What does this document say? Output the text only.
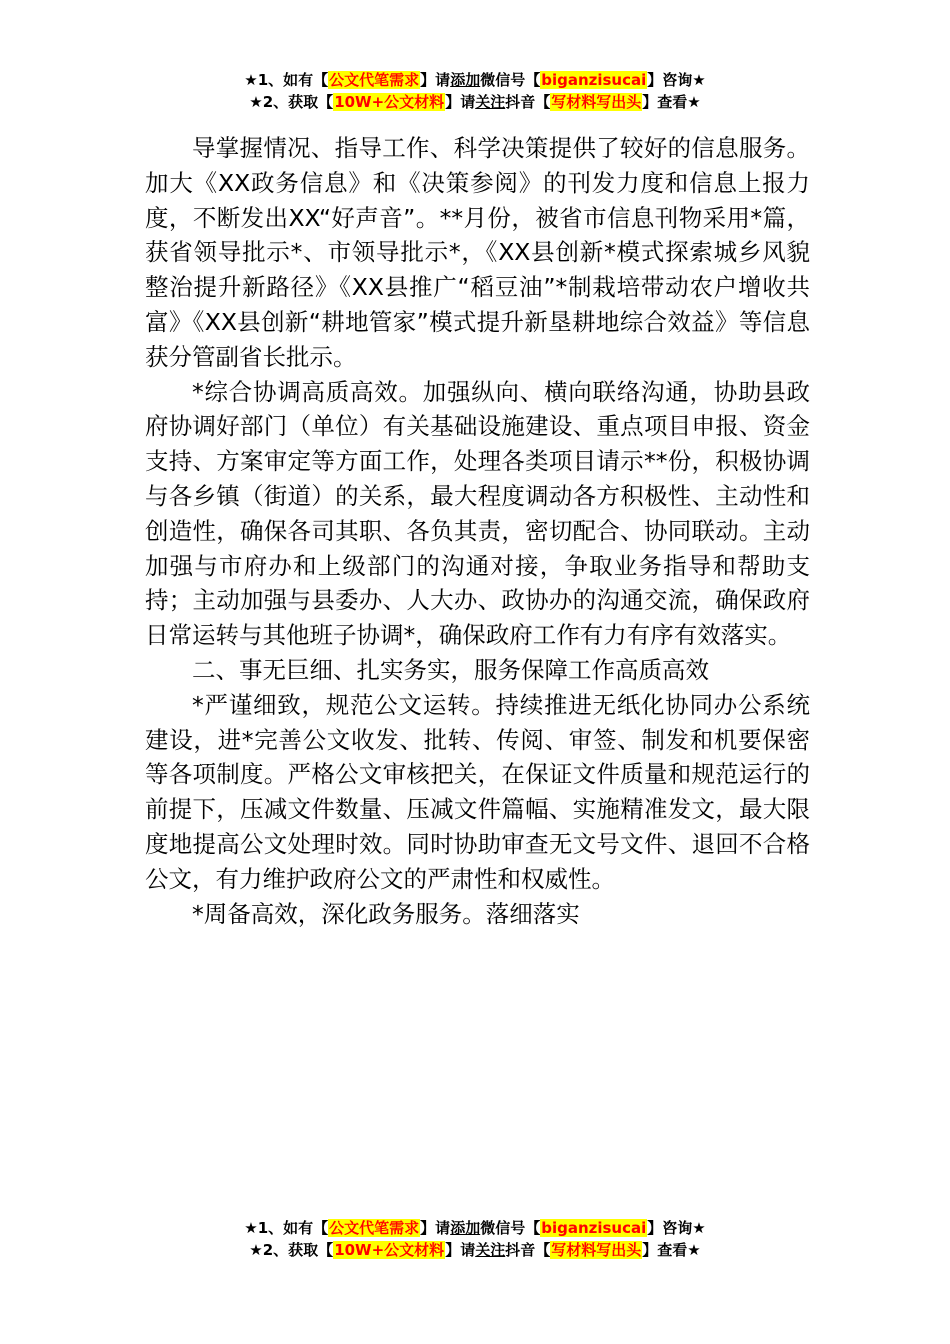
★1、如有【公文代笔需求】请添加微信号【biganzisucai】咨询★
★2、获取【10W+公文材料】请关注抖音【写材料写出头】查看★

导掌握情况、指导工作、科学决策提供了较好的信息服务。加大《XX政务信息》和《决策参阅》的刊发力度和信息上报力度，不断发出XX“好声音”。**月份，被省市信息刊物采用*篇，获省领导批示*、市领导批示*，《XX县创新*模式探索城乡风貌整治提升新路径》《XX县推广“稻豆油”*制栽培带动农户增收共富》《XX县创新“耕地管家”模式提升新垦耕地综合效益》等信息获分管副省长批示。

*综合协调高质高效。加强纵向、横向联络沟通，协助县政府协调好部门（单位）有关基础设施建设、重点项目申报、资金支持、方案审定等方面工作，处理各类项目请示**份，积极协调与各乡镇（街道）的关系，最大程度调动各方积极性、主动性和创造性，确保各司其职、各负其责，密切配合、协同联动。主动加强与市府办和上级部门的沟通对接，争取业务指导和帮助支持；主动加强与县委办、人大办、政协办的沟通交流，确保政府日常运转与其他班子协调*，确保政府工作有力有序有效落实。

二、事无巨细、扎实务实，服务保障工作高质高效

*严谨细致，规范公文运转。持续推进无纸化协同办公系统建设，进*完善公文收发、批转、传阅、审签、制发和机要保密等各项制度。严格公文审核把关，在保证文件质量和规范运行的前提下，压减文件数量、压减文件篇幅、实施精准发文，最大限度地提高公文处理时效。同时协助审查无文号文件、退回不合格公文，有力维护政府公文的严肃性和权威性。

*周备高效，深化政务服务。落细落实

★1、如有【公文代笔需求】请添加微信号【biganzisucai】咨询★
★2、获取【10W+公文材料】请关注抖音【写材料写出头】查看★
